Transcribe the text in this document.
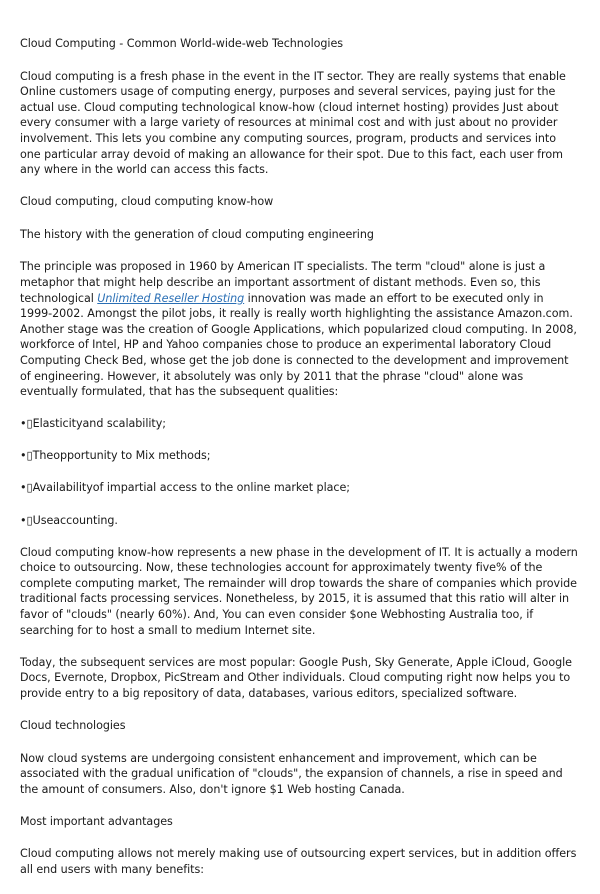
Cloud Computing - Common World-wide-web Technologies

Cloud computing is a fresh phase in the event in the IT sector. They are really systems that enable Online customers usage of computing energy, purposes and several services, paying just for the actual use. Cloud computing technological know-how (cloud internet hosting) provides Just about every consumer with a large variety of resources at minimal cost and with just about no provider involvement. This lets you combine any computing sources, program, products and services into one particular array devoid of making an allowance for their spot. Due to this fact, each user from any where in the world can access this facts.

Cloud computing, cloud computing know-how

The history with the generation of cloud computing engineering

The principle was proposed in 1960 by American IT specialists. The term "cloud" alone is just a metaphor that might help describe an important assortment of distant methods. Even so, this technological Unlimited Reseller Hosting innovation was made an effort to be executed only in 1999-2002. Amongst the pilot jobs, it really is really worth highlighting the assistance Amazon.com. Another stage was the creation of Google Applications, which popularized cloud computing. In 2008, workforce of Intel, HP and Yahoo companies chose to produce an experimental laboratory Cloud Computing Check Bed, whose get the job done is connected to the development and improvement of engineering. However, it absolutely was only by 2011 that the phrase "cloud" alone was eventually formulated, that has the subsequent qualities:

•▯Elasticityand scalability;

•▯Theopportunity to Mix methods;

•▯Availabilityof impartial access to the online market place;

•▯Useaccounting.

Cloud computing know-how represents a new phase in the development of IT. It is actually a modern choice to outsourcing. Now, these technologies account for approximately twenty five% of the complete computing market, The remainder will drop towards the share of companies which provide traditional facts processing services. Nonetheless, by 2015, it is assumed that this ratio will alter in favor of "clouds" (nearly 60%). And, You can even consider $one Webhosting Australia too, if searching for to host a small to medium Internet site.

Today, the subsequent services are most popular: Google Push, Sky Generate, Apple iCloud, Google Docs, Evernote, Dropbox, PicStream and Other individuals. Cloud computing right now helps you to provide entry to a big repository of data, databases, various editors, specialized software.

Cloud technologies

Now cloud systems are undergoing consistent enhancement and improvement, which can be associated with the gradual unification of "clouds", the expansion of channels, a rise in speed and the amount of consumers. Also, don't ignore $1 Web hosting Canada.

Most important advantages

Cloud computing allows not merely making use of outsourcing expert services, but in addition offers all end users with many benefits:
